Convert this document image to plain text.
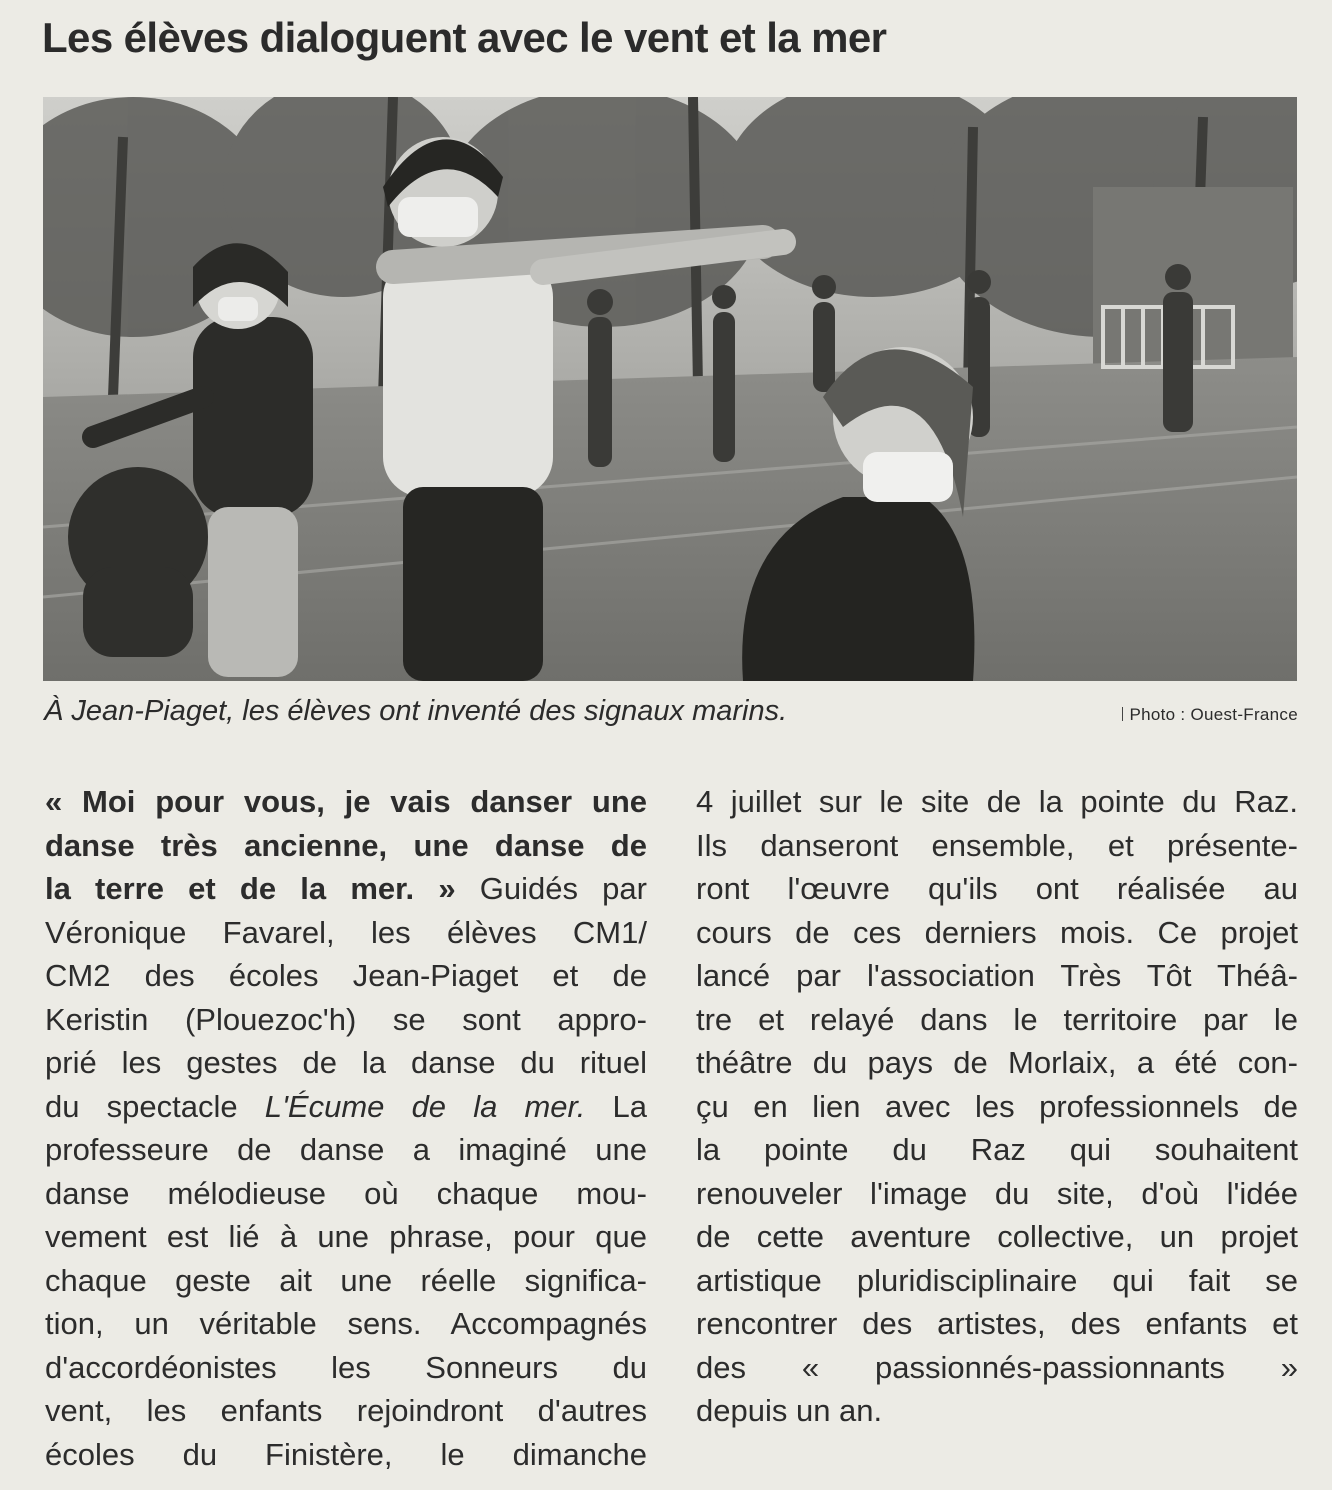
Les élèves dialoguent avec le vent et la mer
À Jean-Piaget, les élèves ont inventé des signaux marins.	Photo : Ouest-France
« Moi pour vous, je vais danser une
danse très ancienne, une danse de
la terre et de la mer. » Guidés par
Véronique Favarel, les élèves CM1/
CM2 des écoles Jean-Piaget et de
Keristin (Plouezoc'h) se sont appro-
prié les gestes de la danse du rituel
du spectacle L'Écume de la mer. La
professeure de danse a imaginé une
danse mélodieuse où chaque mou-
vement est lié à une phrase, pour que
chaque geste ait une réelle significa-
tion, un véritable sens. Accompagnés
d'accordéonistes les Sonneurs du
vent, les enfants rejoindront d'autres
écoles du Finistère, le dimanche
4 juillet sur le site de la pointe du Raz.
Ils danseront ensemble, et présente-
ront l'œuvre qu'ils ont réalisée au
cours de ces derniers mois. Ce projet
lancé par l'association Très Tôt Théâ-
tre et relayé dans le territoire par le
théâtre du pays de Morlaix, a été con-
çu en lien avec les professionnels de
la pointe du Raz qui souhaitent
renouveler l'image du site, d'où l'idée
de cette aventure collective, un projet
artistique pluridisciplinaire qui fait se
rencontrer des artistes, des enfants et
des « passionnés-passionnants »
depuis un an.
